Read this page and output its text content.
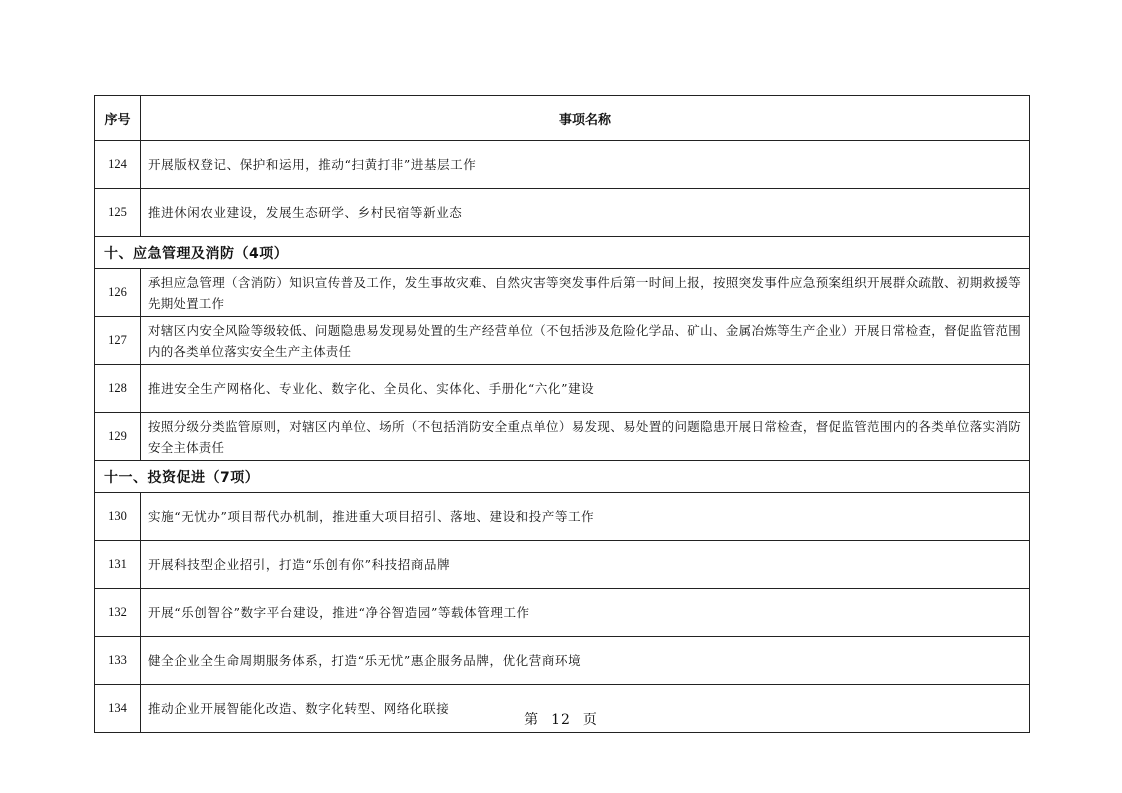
序号	事项名称
124	开展版权登记、保护和运用，推动“扫黄打非”进基层工作
125	推进休闲农业建设，发展生态研学、乡村民宿等新业态
十、应急管理及消防（4项）	
126	承担应急管理（含消防）知识宣传普及工作，发生事故灾难、自然灾害等突发事件后第一时间上报，按照突发事件应急预案组织开展群众疏散、初期救援等先期处置工作
127	对辖区内安全风险等级较低、问题隐患易发现易处置的生产经营单位（不包括涉及危险化学品、矿山、金属冶炼等生产企业）开展日常检查，督促监管范围内的各类单位落实安全生产主体责任
128	推进安全生产网格化、专业化、数字化、全员化、实体化、手册化“六化”建设
129	按照分级分类监管原则，对辖区内单位、场所（不包括消防安全重点单位）易发现、易处置的问题隐患开展日常检查，督促监管范围内的各类单位落实消防安全主体责任
十一、投资促进（7项）	
130	实施“无忧办”项目帮代办机制，推进重大项目招引、落地、建设和投产等工作
131	开展科技型企业招引，打造“乐创有你”科技招商品牌
132	开展“乐创智谷”数字平台建设，推进“净谷智造园”等载体管理工作
133	健全企业全生命周期服务体系，打造“乐无忧”惠企服务品牌，优化营商环境
134	推动企业开展智能化改造、数字化转型、网络化联接
第 12 页
